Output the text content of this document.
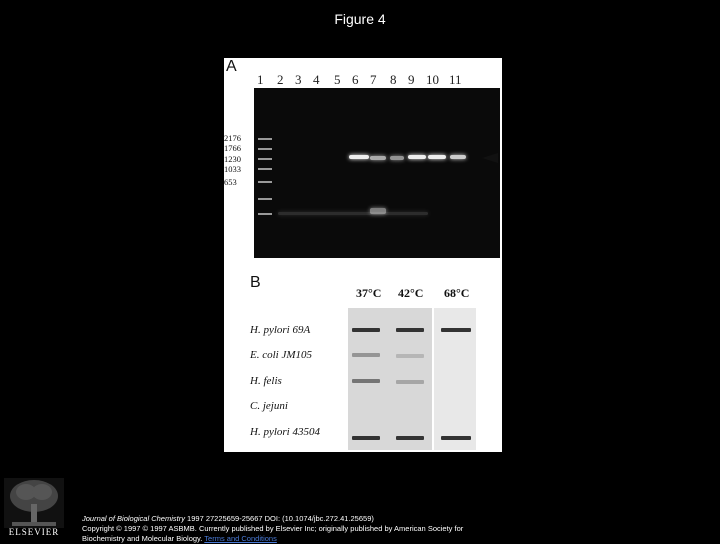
Figure 4
A
1 2 3 4 5 6 7 8 9 10 11
2176
1766
1230
1033
653
B
37°C 42°C 68°C
H. pylori 69A
E. coli JM105
H. felis
C. jejuni
H. pylori 43504
ELSEVIER
Journal of Biological Chemistry 1997 27225659-25667 DOI: (10.1074/jbc.272.41.25659)
Copyright © 1997 © 1997 ASBMB. Currently published by Elsevier Inc; originally published by American Society for Biochemistry and Molecular Biology. Terms and Conditions
